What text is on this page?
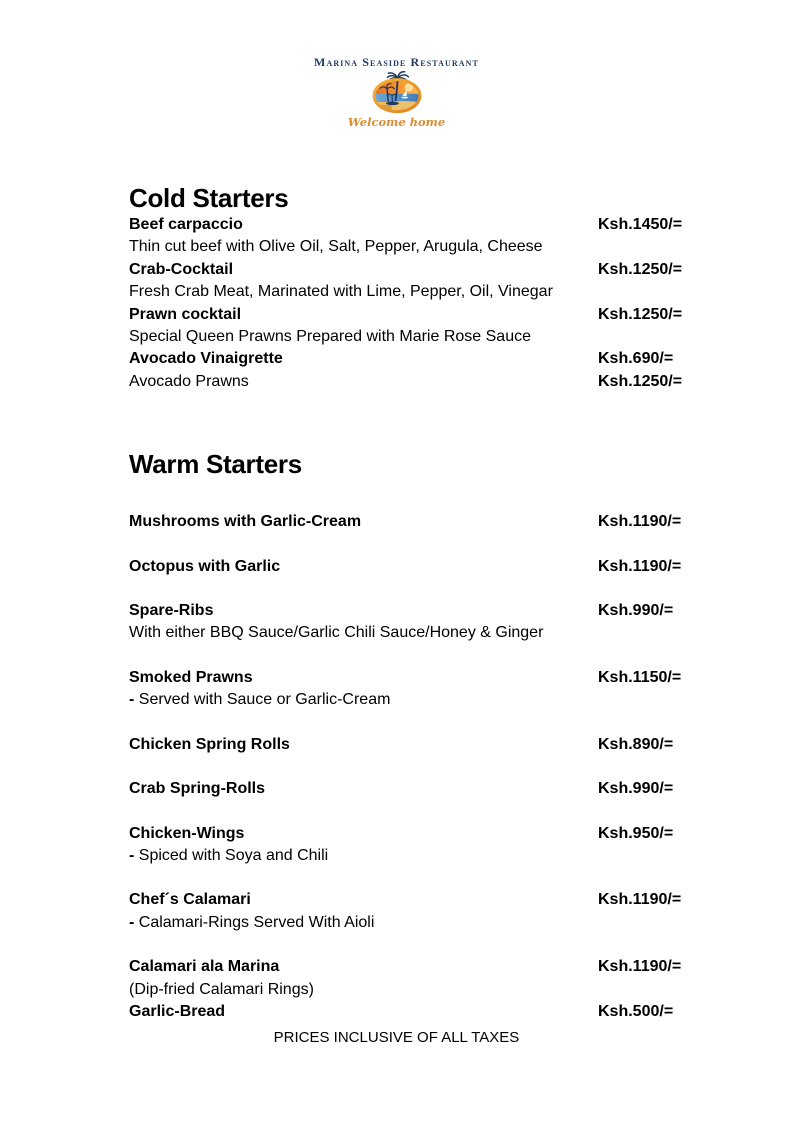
Marina Seaside Restaurant
Welcome home
Cold Starters
Beef carpaccio	Ksh.1450/=
Thin cut beef with Olive Oil, Salt, Pepper, Arugula, Cheese
Crab-Cocktail	Ksh.1250/=
Fresh Crab Meat, Marinated with Lime, Pepper, Oil, Vinegar
Prawn cocktail	Ksh.1250/=
Special Queen Prawns Prepared with Marie Rose Sauce
Avocado Vinaigrette	Ksh.690/=
Avocado Prawns	Ksh.1250/=
Warm Starters
Mushrooms with Garlic-Cream	Ksh.1190/=
Octopus with Garlic	Ksh.1190/=
Spare-Ribs	Ksh.990/=
With either BBQ Sauce/Garlic Chili Sauce/Honey & Ginger
Smoked Prawns	Ksh.1150/=
- Served with Sauce or Garlic-Cream
Chicken Spring Rolls	Ksh.890/=
Crab Spring-Rolls	Ksh.990/=
Chicken-Wings	Ksh.950/=
- Spiced with Soya and Chili
Chef´s Calamari	Ksh.1190/=
- Calamari-Rings Served With Aioli
Calamari ala Marina	Ksh.1190/=
(Dip-fried Calamari Rings)
Garlic-Bread	Ksh.500/=
PRICES INCLUSIVE OF ALL TAXES
